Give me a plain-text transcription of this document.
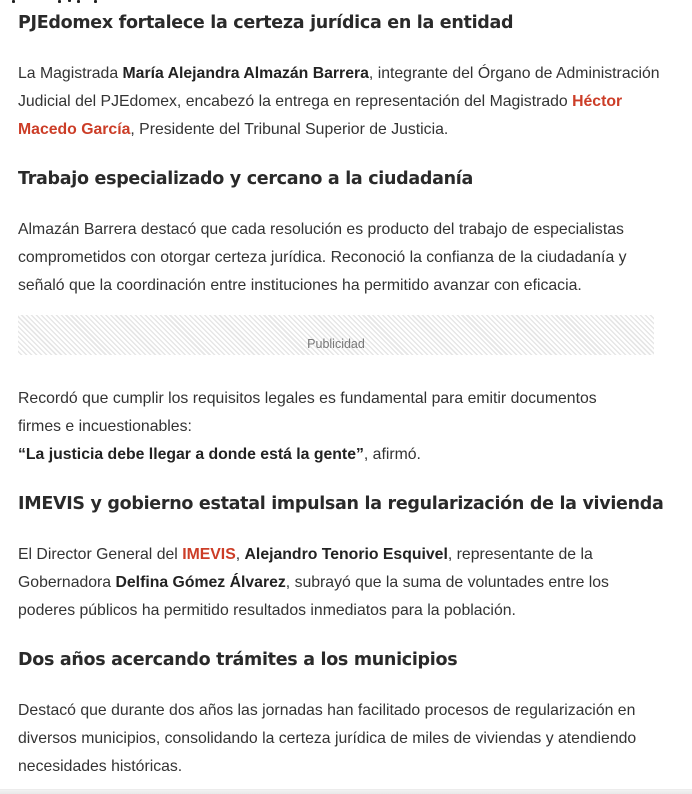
PJEdomex fortalece la certeza jurídica en la entidad

La Magistrada María Alejandra Almazán Barrera, integrante del Órgano de Administración Judicial del PJEdomex, encabezó la entrega en representación del Magistrado Héctor Macedo García, Presidente del Tribunal Superior de Justicia.

Trabajo especializado y cercano a la ciudadanía

Almazán Barrera destacó que cada resolución es producto del trabajo de especialistas comprometidos con otorgar certeza jurídica. Reconoció la confianza de la ciudadanía y señaló que la coordinación entre instituciones ha permitido avanzar con eficacia.

Publicidad

Recordó que cumplir los requisitos legales es fundamental para emitir documentos firmes e incuestionables:
“La justicia debe llegar a donde está la gente”, afirmó.

IMEVIS y gobierno estatal impulsan la regularización de la vivienda

El Director General del IMEVIS, Alejandro Tenorio Esquivel, representante de la Gobernadora Delfina Gómez Álvarez, subrayó que la suma de voluntades entre los poderes públicos ha permitido resultados inmediatos para la población.

Dos años acercando trámites a los municipios

Destacó que durante dos años las jornadas han facilitado procesos de regularización en diversos municipios, consolidando la certeza jurídica de miles de viviendas y atendiendo necesidades históricas.
